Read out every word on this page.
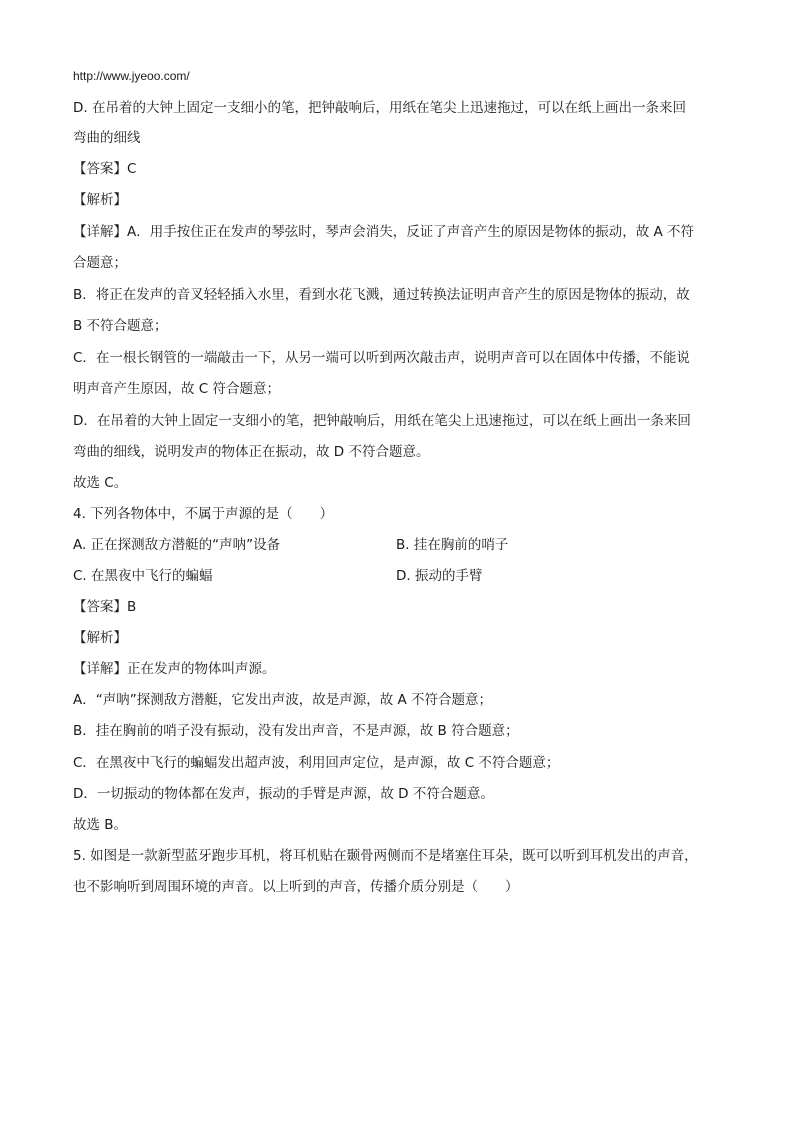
http://www.jyeoo.com/
D. 在吊着的大钟上固定一支细小的笔，把钟敲响后，用纸在笔尖上迅速拖过，可以在纸上画出一条来回
弯曲的细线
【答案】C
【解析】
【详解】A．用手按住正在发声的琴弦时，琴声会消失，反证了声音产生的原因是物体的振动，故 A 不符
合题意；
B．将正在发声的音叉轻轻插入水里，看到水花飞溅，通过转换法证明声音产生的原因是物体的振动，故
B 不符合题意；
C．在一根长钢管的一端敲击一下，从另一端可以听到两次敲击声，说明声音可以在固体中传播，不能说
明声音产生原因，故 C 符合题意；
D．在吊着的大钟上固定一支细小的笔，把钟敲响后，用纸在笔尖上迅速拖过，可以在纸上画出一条来回
弯曲的细线，说明发声的物体正在振动，故 D 不符合题意。
故选 C。
4. 下列各物体中，不属于声源的是（　　）
A. 正在探测敌方潜艇的“声呐”设备	B. 挂在胸前的哨子
C. 在黑夜中飞行的蝙蝠	D. 振动的手臂
【答案】B
【解析】
【详解】正在发声的物体叫声源。
A．“声呐”探测敌方潜艇，它发出声波，故是声源，故 A 不符合题意；
B．挂在胸前的哨子没有振动，没有发出声音，不是声源，故 B 符合题意；
C．在黑夜中飞行的蝙蝠发出超声波，利用回声定位，是声源，故 C 不符合题意；
D．一切振动的物体都在发声，振动的手臂是声源，故 D 不符合题意。
故选 B。
5. 如图是一款新型蓝牙跑步耳机，将耳机贴在颞骨两侧而不是堵塞住耳朵，既可以听到耳机发出的声音，
也不影响听到周围环境的声音。以上听到的声音，传播介质分别是（　　）
